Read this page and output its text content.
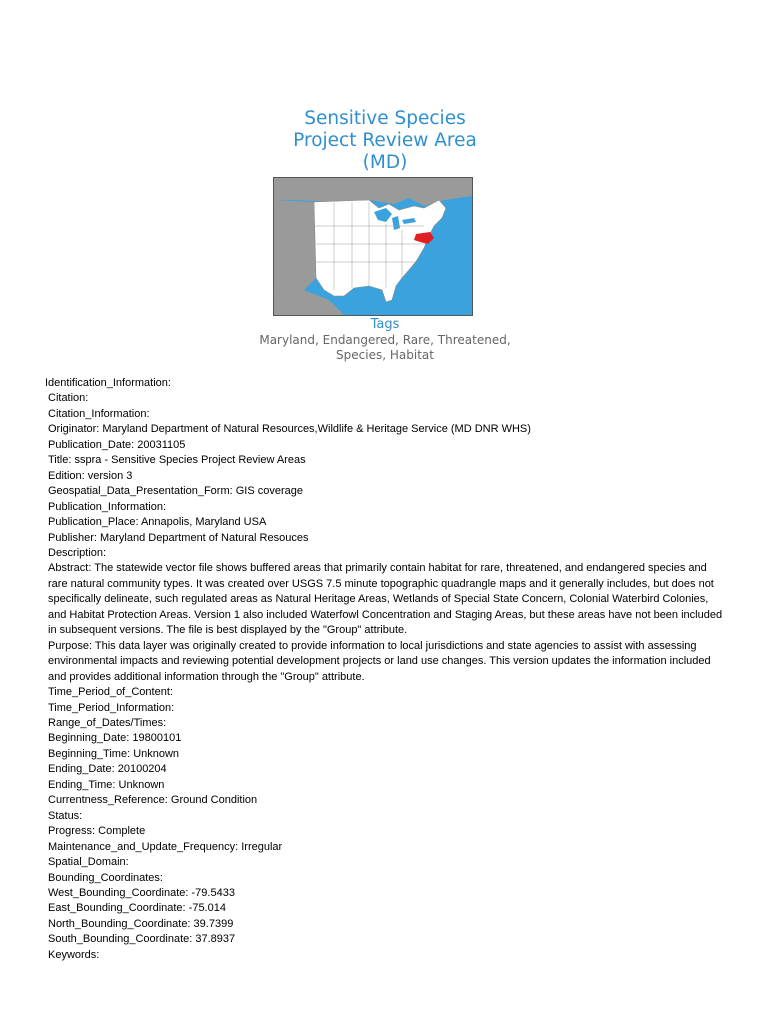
Sensitive Species
Project Review Area
(MD)
Tags
Maryland, Endangered, Rare, Threatened,
Species, Habitat
Identification_Information:
Citation:
Citation_Information:
Originator: Maryland Department of Natural Resources,Wildlife & Heritage Service (MD DNR WHS)
Publication_Date: 20031105
Title: sspra - Sensitive Species Project Review Areas
Edition: version 3
Geospatial_Data_Presentation_Form: GIS coverage
Publication_Information:
Publication_Place: Annapolis, Maryland USA
Publisher: Maryland Department of Natural Resouces
Description:
Abstract: The statewide vector file shows buffered areas that primarily contain habitat for rare, threatened, and endangered species and rare natural community types. It was created over USGS 7.5 minute topographic quadrangle maps and it generally includes, but does not specifically delineate, such regulated areas as Natural Heritage Areas, Wetlands of Special State Concern, Colonial Waterbird Colonies, and Habitat Protection Areas. Version 1 also included Waterfowl Concentration and Staging Areas, but these areas have not been included in subsequent versions. The file is best displayed by the "Group" attribute.
Purpose: This data layer was originally created to provide information to local jurisdictions and state agencies to assist with assessing environmental impacts and reviewing potential development projects or land use changes. This version updates the information included and provides additional information through the "Group" attribute.
Time_Period_of_Content:
Time_Period_Information:
Range_of_Dates/Times:
Beginning_Date: 19800101
Beginning_Time: Unknown
Ending_Date: 20100204
Ending_Time: Unknown
Currentness_Reference: Ground Condition
Status:
Progress: Complete
Maintenance_and_Update_Frequency: Irregular
Spatial_Domain:
Bounding_Coordinates:
West_Bounding_Coordinate: -79.5433
East_Bounding_Coordinate: -75.014
North_Bounding_Coordinate: 39.7399
South_Bounding_Coordinate: 37.8937
Keywords:
